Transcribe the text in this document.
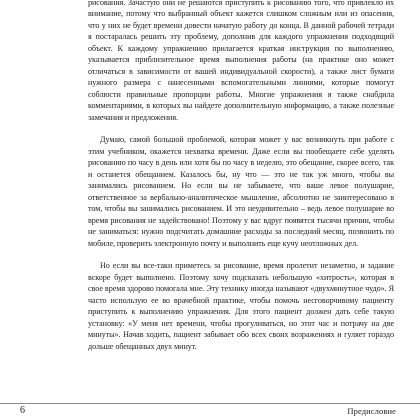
рисования. Зачастую они не решаются приступить к рисованию того, что привлекло их внимание, потому что выбранный объект кажется слишком сложным или из опасения, что у них не будет времени довести начатую работу до конца. В данной рабочей тетради я постаралась решить эту проблему, дополнив для каждого упражнения подходящий объект. К каждому упражнению прилагается краткая инструкция по выполнению, указывается приблизительное время выполнения работы (на практике оно может отличаться в зависимости от вашей индивидуальной скорости), а также лист бумаги нужного размера с нанесенными вспомогательными линиями, которые помогут соблюсти правильные пропорции работы. Многие упражнения я также снабдила комментариями, в которых вы найдете дополнительную информацию, а также полезные замечания и предложения.

Думаю, самой большой проблемой, которая может у вас возникнуть при работе с этим учебником, окажется нехватка времени. Даже если вы пообещаете себе уделять рисованию по часу в день или хотя бы по часу в неделю, это обещание, скорее всего, так и останется обещанием. Казалось бы, ну что — это не так уж много, чтобы вы занимались рисованием. Но если вы не забываете, что ваше левое полушарие, ответственное за вербально-аналитическое мышление, абсолютно не заинтересовано в том, чтобы вы занимались рисованием. И это неудивительно – ведь левое полушарие во время рисования не задействовано! Поэтому у вас вдруг появятся тысячи причин, чтобы не заниматься: нужно подсчитать домашние расходы за последний месяц, позвонить по мобиле, проверить электронную почту и выполнить еще кучу неотложных дел.

Но если вы все-таки приметесь за рисование, время пролетит незаметно, и задание вскоре будет выполнено. Поэтому хочу подсказать небольшую «хитрость», которая в свое время здорово помогала мне. Эту технику иногда называют «двухминутное чудо». Я часто использую ее во врачебной практике, чтобы помочь несговорчивому пациенту приступить к выполнению упражнения. Для этого пациент должен дать себе такую установку: «У меня нет времени, чтобы прогуливаться, но этот час и потрачу на две минуты». Начав ходить, пациент забывает обо всех своих возражениях и гуляет гораздо дольше обещанных двух минут.

6	Предисловие
